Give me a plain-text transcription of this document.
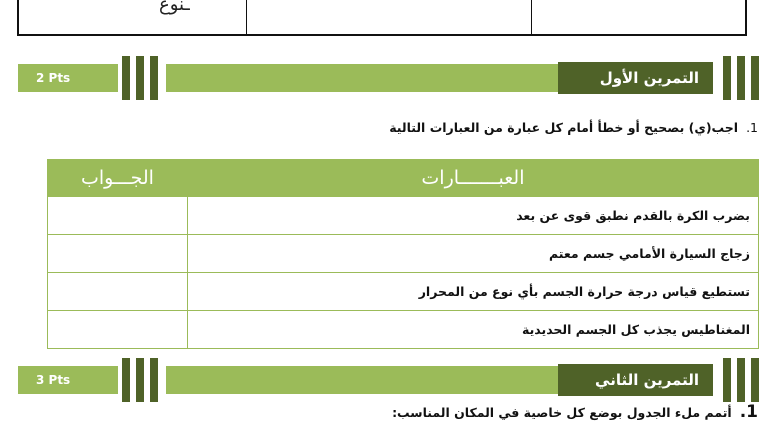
ـنوع
2 Pts	التمرين الأول
1.اجب(ي) بصحيح أو خطأ أمام كل عبارة من العبارات التالية
العبـــــــارات	الجـــواب
بضرب الكرة بالقدم نطبق قوى عن بعد	
زجاج السيارة الأمامي جسم معتم	
تستطيع قياس درجة حرارة الجسم بأي نوع من المحرار	
المغناطيس يجذب كل الجسم الحديدية	
3 Pts	التمرين الثاني
1.أتمم ملء الجدول بوضع كل خاصية في المكان المناسب:
